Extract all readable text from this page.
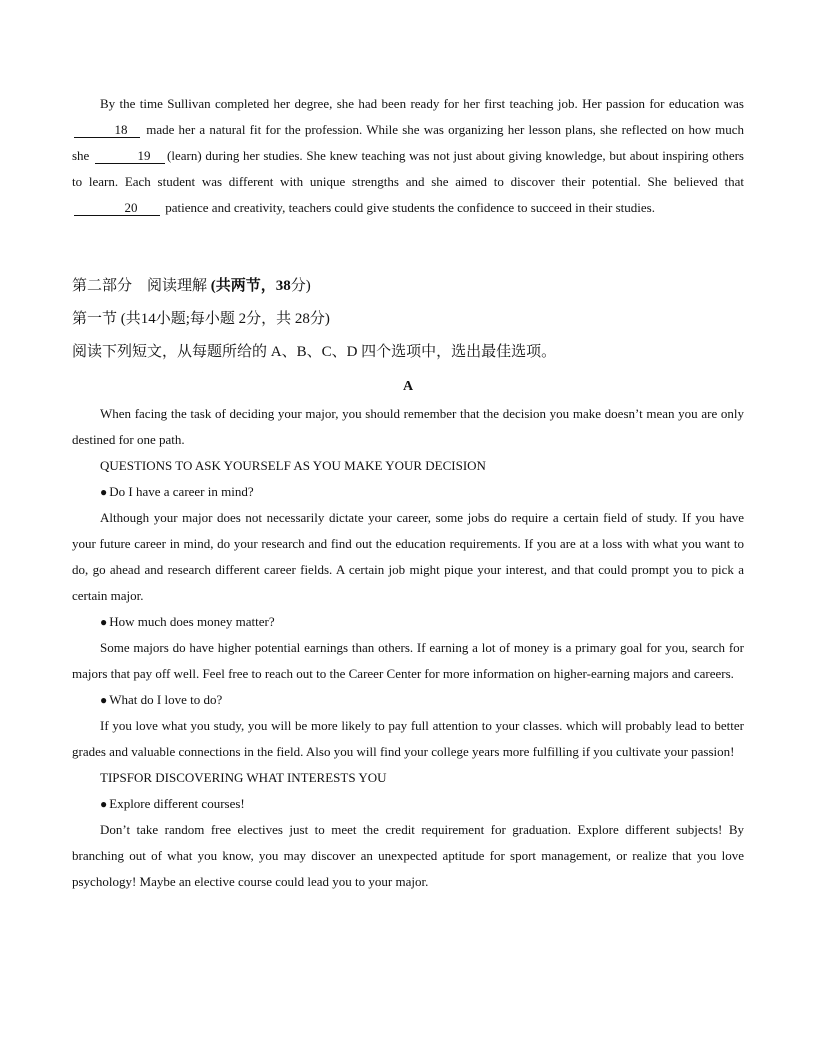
By the time Sullivan completed her degree, she had been ready for her first teaching job. Her passion for education was 18 made her a natural fit for the profession. While she was organizing her lesson plans, she reflected on how much she	19 (learn) during her studies. She knew teaching was not just about giving knowledge, but about inspiring others to learn. Each student was different with unique strengths and she aimed to discover their potential. She believed that 20 patience and creativity, teachers could give students the confidence to succeed in their studies.

第二部分　阅读理解 (共两节，38分)

第一节 (共14小题;每小题 2分，共 28分)

阅读下列短文，从每题所给的 A、B、C、D 四个选项中，选出最佳选项。

A

When facing the task of deciding your major, you should remember that the decision you make doesn’t mean you are only destined for one path.

QUESTIONS TO ASK YOURSELF AS YOU MAKE YOUR DECISION

● Do I have a career in mind?

Although your major does not necessarily dictate your career, some jobs do require a certain field of study. If you have your future career in mind, do your research and find out the education requirements. If you are at a loss with what you want to do, go ahead and research different career fields. A certain job might pique your interest, and that could prompt you to pick a certain major.

● How much does money matter?

Some majors do have higher potential earnings than others. If earning a lot of money is a primary goal for you, search for majors that pay off well. Feel free to reach out to the Career Center for more information on higher-earning majors and careers.

● What do I love to do?

If you love what you study, you will be more likely to pay full attention to your classes. which will probably lead to better grades and valuable connections in the field. Also you will find your college years more fulfilling if you cultivate your passion!

TIPSFOR DISCOVERING WHAT INTERESTS YOU

● Explore different courses!

Don’t take random free electives just to meet the credit requirement for graduation. Explore different subjects! By branching out of what you know, you may discover an unexpected aptitude for sport management, or realize that you love psychology! Maybe an elective course could lead you to your major.
